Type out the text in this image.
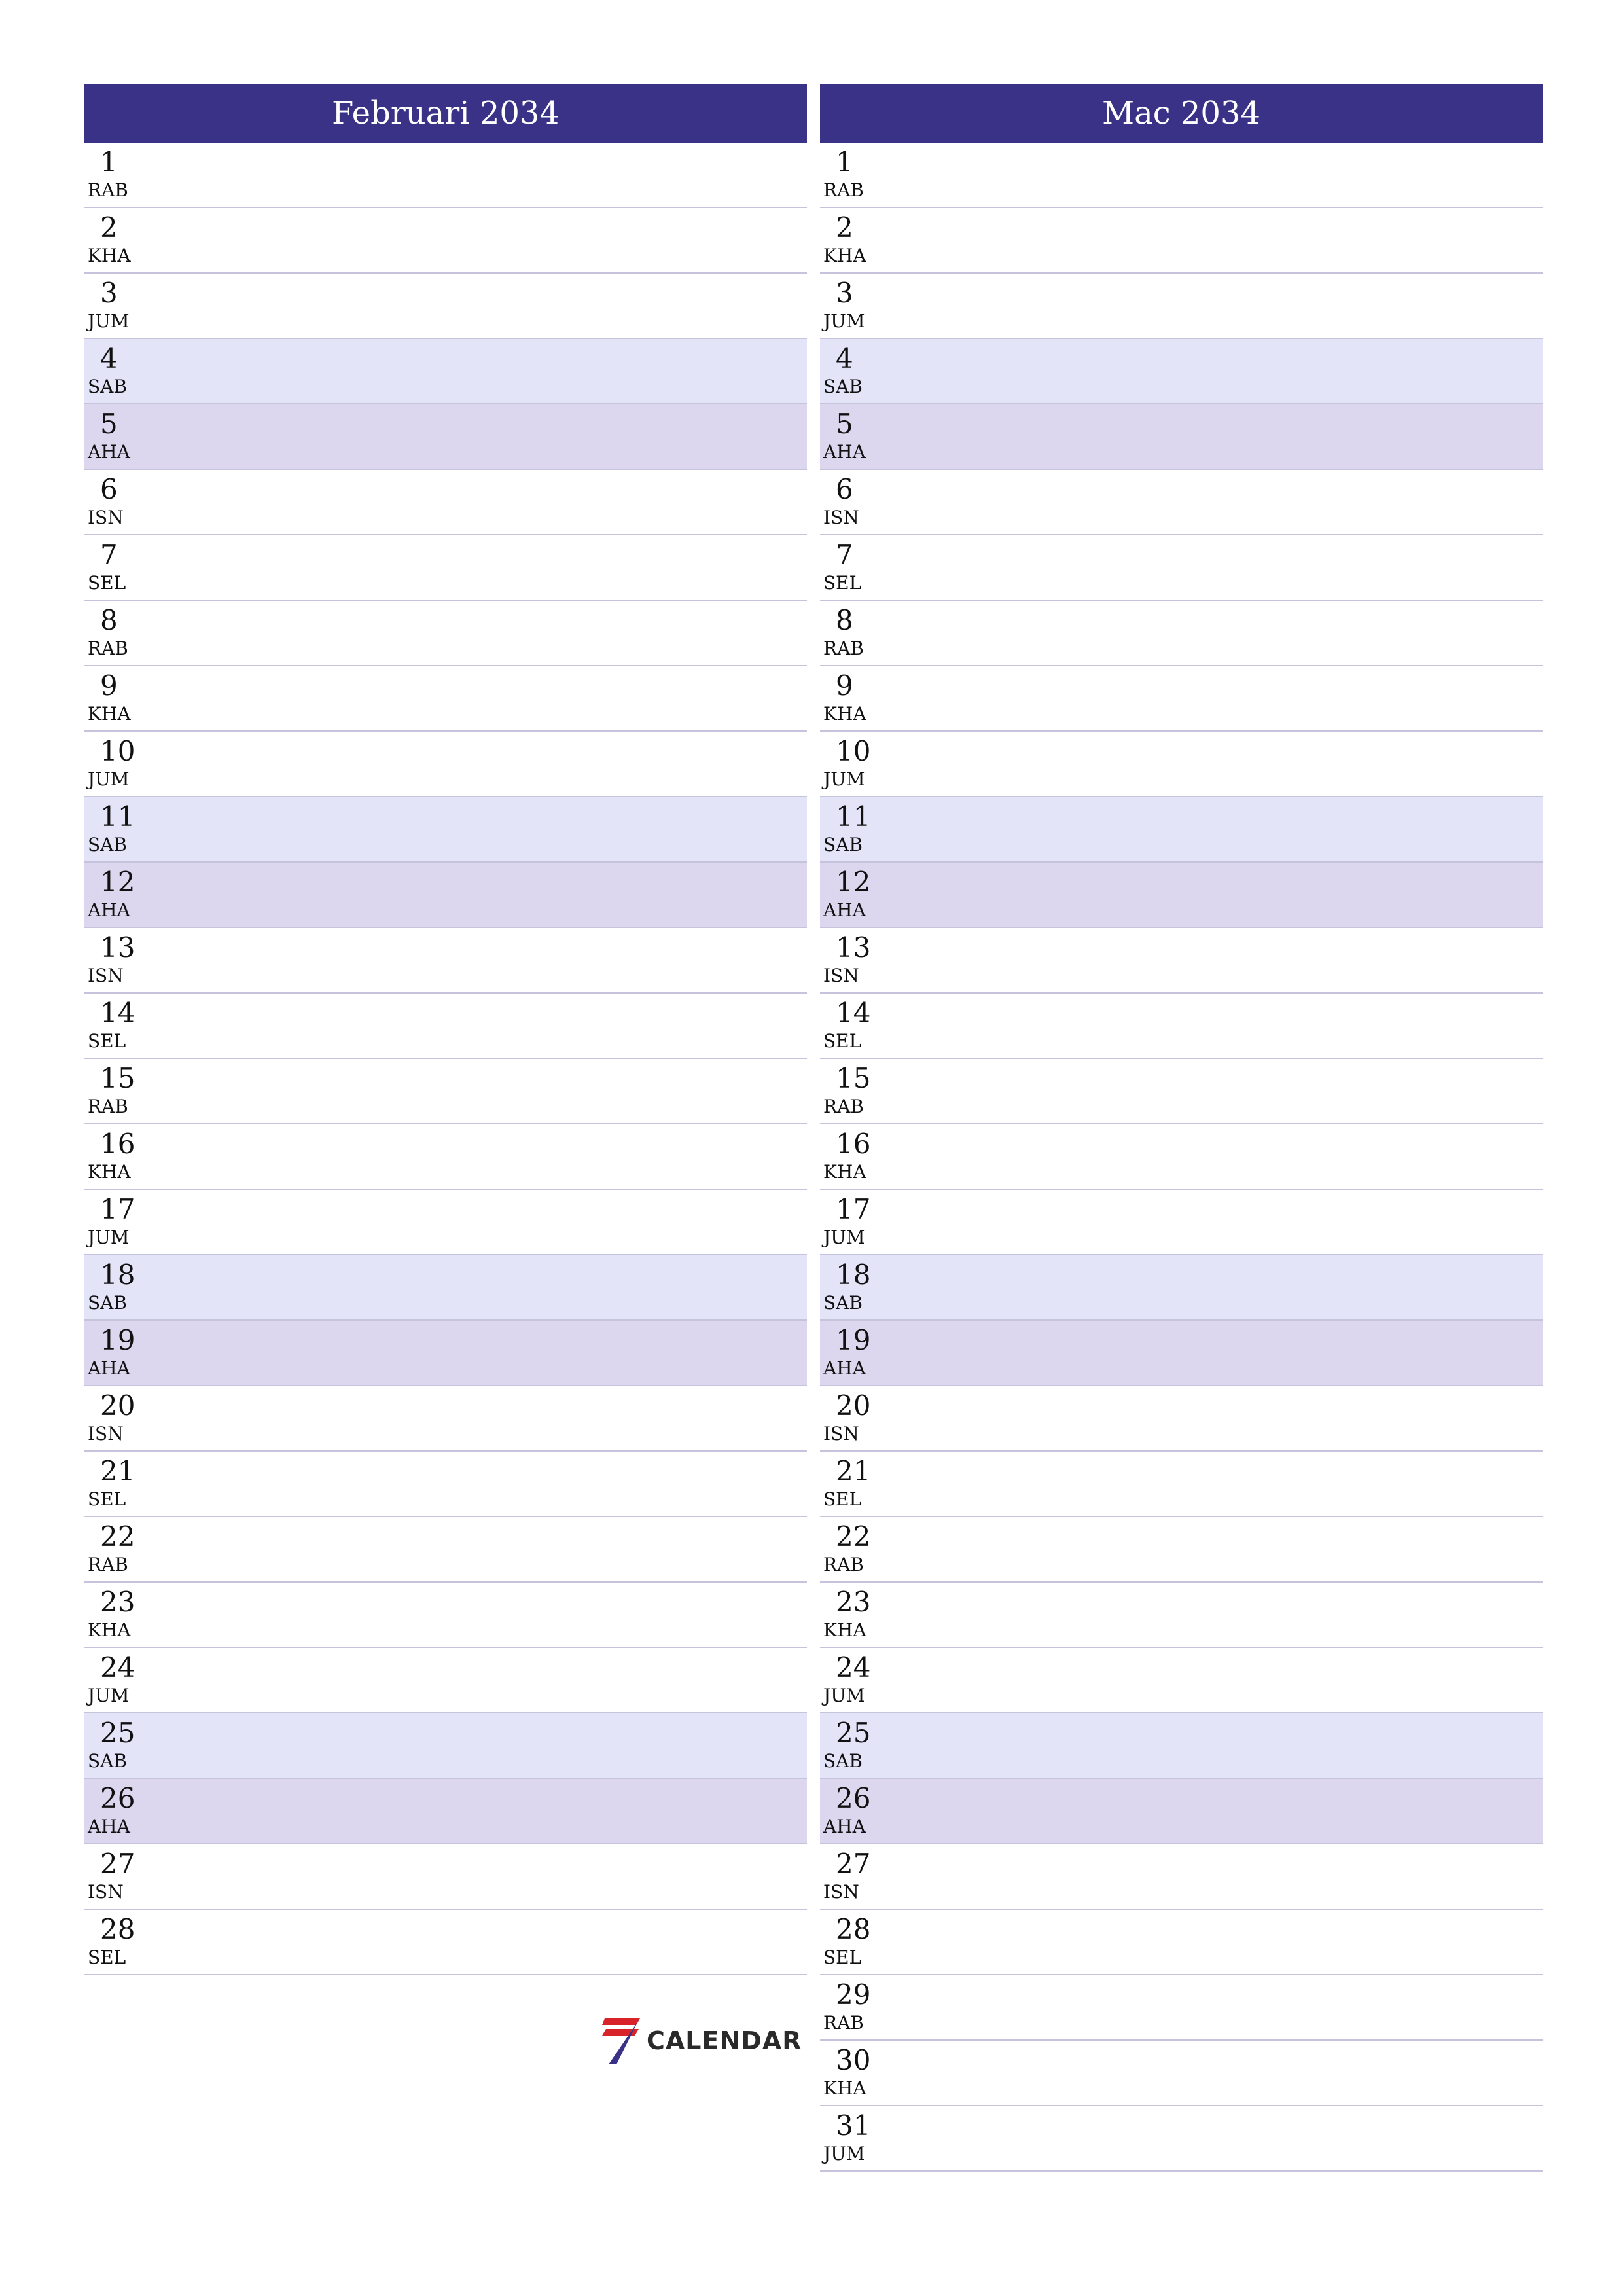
Februari 2034
1
RAB
2
KHA
3
JUM
4
SAB
5
AHA
6
ISN
7
SEL
8
RAB
9
KHA
10
JUM
11
SAB
12
AHA
13
ISN
14
SEL
15
RAB
16
KHA
17
JUM
18
SAB
19
AHA
20
ISN
21
SEL
22
RAB
23
KHA
24
JUM
25
SAB
26
AHA
27
ISN
28
SEL
Mac 2034
1
RAB
2
KHA
3
JUM
4
SAB
5
AHA
6
ISN
7
SEL
8
RAB
9
KHA
10
JUM
11
SAB
12
AHA
13
ISN
14
SEL
15
RAB
16
KHA
17
JUM
18
SAB
19
AHA
20
ISN
21
SEL
22
RAB
23
KHA
24
JUM
25
SAB
26
AHA
27
ISN
28
SEL
29
RAB
30
KHA
31
JUM
CALENDAR
